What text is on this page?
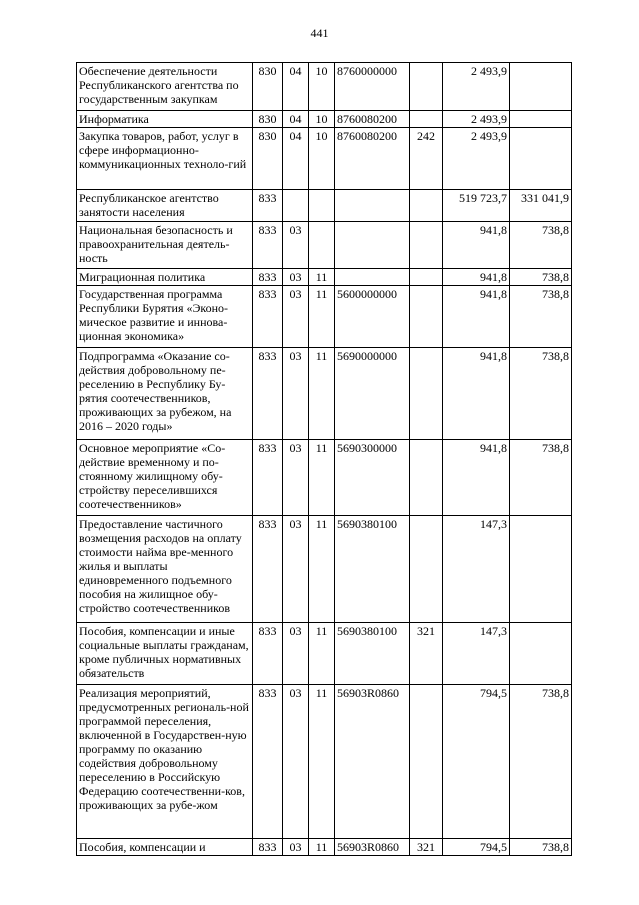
441
Обеспечение деятельности Республиканского агентства по государственным закупкам	830	04	10	8760000000		2 493,9	
Информатика	830	04	10	8760080200		2 493,9	
Закупка товаров, работ, услуг в сфере информационно-коммуникационных техноло-гий	830	04	10	8760080200	242	2 493,9	
Республиканское агентство занятости населения	833					519 723,7	331 041,9
Национальная безопасность и правоохранительная деятель-ность	833	03				941,8	738,8
Миграционная политика	833	03	11			941,8	738,8
Государственная программа Республики Бурятия «Эконо-мическое развитие и иннова-ционная экономика»	833	03	11	5600000000		941,8	738,8
Подпрограмма «Оказание со-действия добровольному пе-реселению в Республику Бу-рятия соотечественников, проживающих за рубежом, на 2016 – 2020 годы»	833	03	11	5690000000		941,8	738,8
Основное мероприятие «Со-действие временному и по-стоянному жилищному обу-стройству переселившихся соотечественников»	833	03	11	5690300000		941,8	738,8
Предоставление частичного возмещения расходов на оплату стоимости найма вре-менного жилья и выплаты единовременного подъемного пособия на жилищное обу-стройство соотечественников	833	03	11	5690380100		147,3	
Пособия, компенсации и иные социальные выплаты гражданам, кроме публичных нормативных обязательств	833	03	11	5690380100	321	147,3	
Реализация мероприятий, предусмотренных региональ-ной программой переселения, включенной в Государствен-ную программу по оказанию содействия добровольному переселению в Российскую Федерацию соотечественни-ков, проживающих за рубе-жом	833	03	11	56903R0860		794,5	738,8
Пособия, компенсации и	833	03	11	56903R0860	321	794,5	738,8
